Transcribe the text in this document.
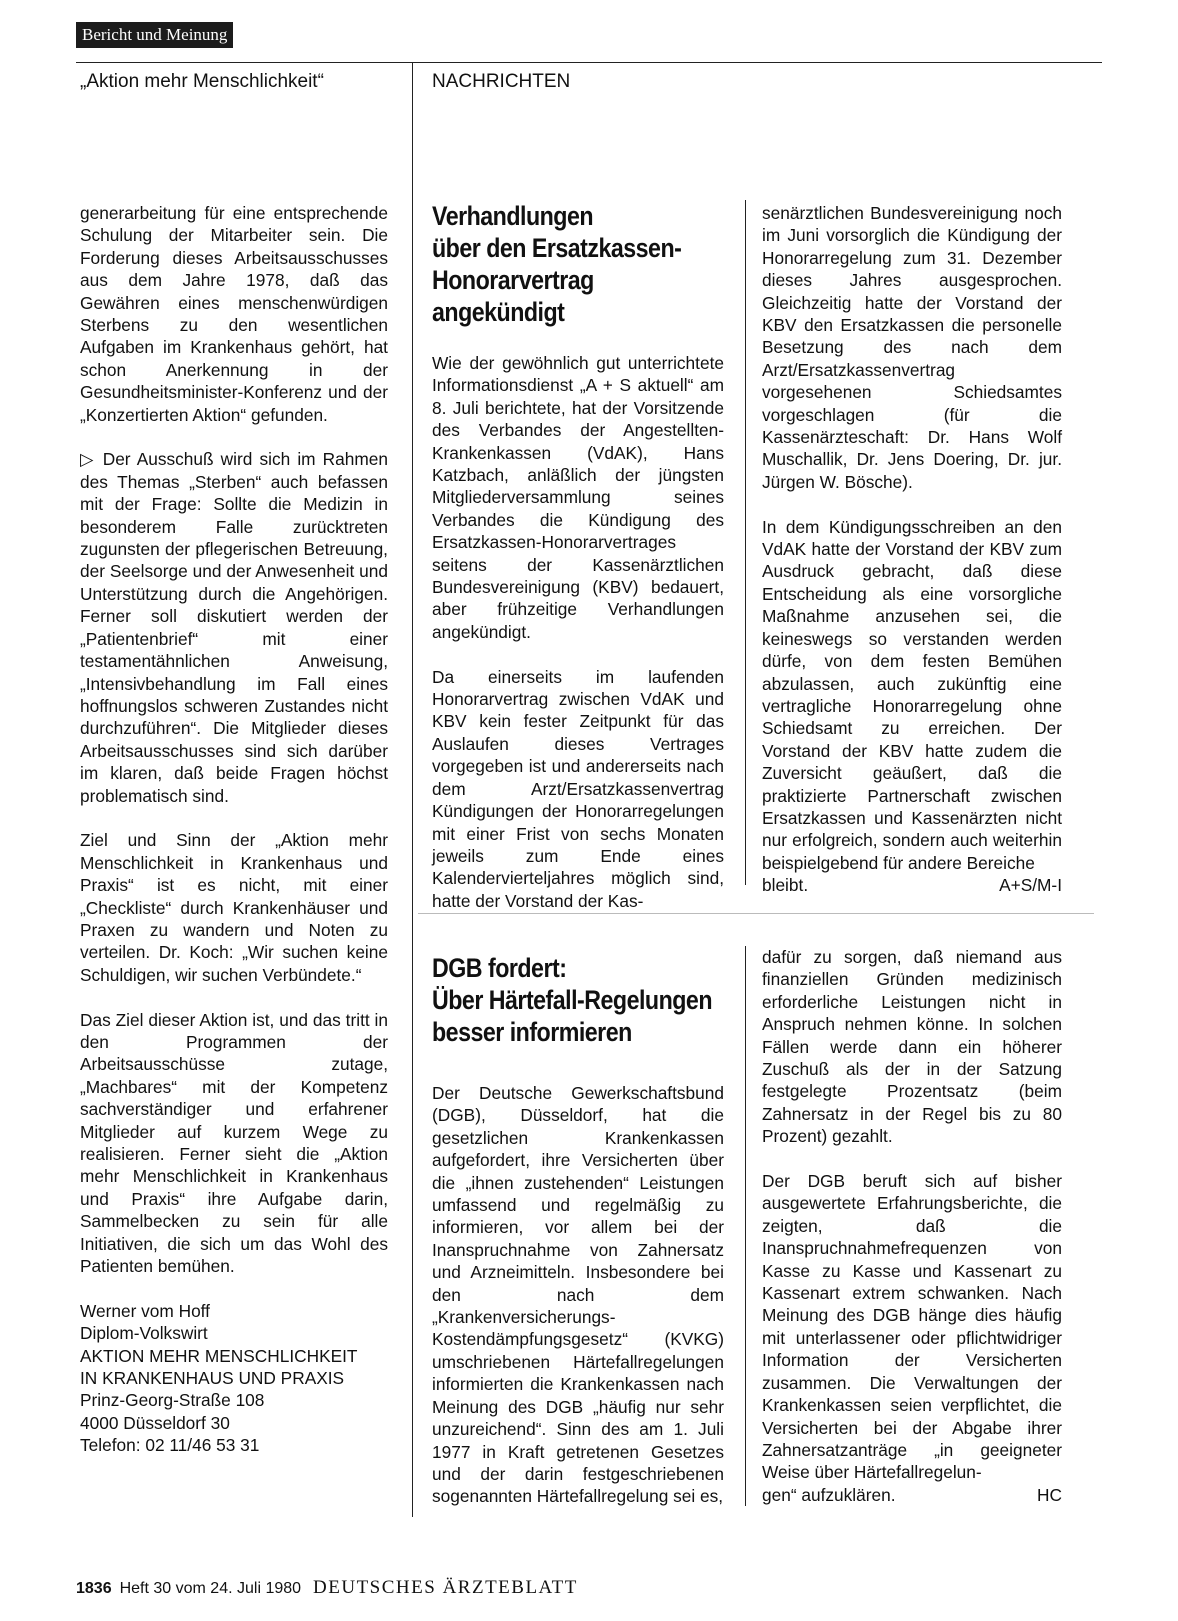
Bericht und Meinung
„Aktion mehr Menschlichkeit“	NACHRICHTEN

generarbeitung für eine entsprechende Schulung der Mitarbeiter sein. Die Forderung dieses Arbeitsausschusses aus dem Jahre 1978, daß das Gewähren eines menschenwürdigen Sterbens zu den wesentlichen Aufgaben im Krankenhaus gehört, hat schon Anerkennung in der Gesundheitsminister-Konferenz und der „Konzertierten Aktion“ gefunden.

▷ Der Ausschuß wird sich im Rahmen des Themas „Sterben“ auch befassen mit der Frage: Sollte die Medizin in besonderem Falle zurücktreten zugunsten der pflegerischen Betreuung, der Seelsorge und der Anwesenheit und Unterstützung durch die Angehörigen. Ferner soll diskutiert werden der „Patientenbrief“ mit einer testamentähnlichen Anweisung, „Intensivbehandlung im Fall eines hoffnungslos schweren Zustandes nicht durchzuführen“. Die Mitglieder dieses Arbeitsausschusses sind sich darüber im klaren, daß beide Fragen höchst problematisch sind.

Ziel und Sinn der „Aktion mehr Menschlichkeit in Krankenhaus und Praxis“ ist es nicht, mit einer „Checkliste“ durch Krankenhäuser und Praxen zu wandern und Noten zu verteilen. Dr. Koch: „Wir suchen keine Schuldigen, wir suchen Verbündete.“

Das Ziel dieser Aktion ist, und das tritt in den Programmen der Arbeitsausschüsse zutage, „Machbares“ mit der Kompetenz sachverständiger und erfahrener Mitglieder auf kurzem Wege zu realisieren. Ferner sieht die „Aktion mehr Menschlichkeit in Krankenhaus und Praxis“ ihre Aufgabe darin, Sammelbecken zu sein für alle Initiativen, die sich um das Wohl des Patienten bemühen.

Werner vom Hoff
Diplom-Volkswirt
AKTION MEHR MENSCHLICHKEIT
IN KRANKENHAUS UND PRAXIS
Prinz-Georg-Straße 108
4000 Düsseldorf 30
Telefon: 02 11/46 53 31

Verhandlungen
über den Ersatzkassen-
Honorarvertrag
angekündigt

Wie der gewöhnlich gut unterrichtete Informationsdienst „A + S aktuell“ am 8. Juli berichtete, hat der Vorsitzende des Verbandes der Angestellten-Krankenkassen (VdAK), Hans Katzbach, anläßlich der jüngsten Mitgliederversammlung seines Verbandes die Kündigung des Ersatzkassen-Honorarvertrages seitens der Kassenärztlichen Bundesvereinigung (KBV) bedauert, aber frühzeitige Verhandlungen angekündigt.

Da einerseits im laufenden Honorarvertrag zwischen VdAK und KBV kein fester Zeitpunkt für das Auslaufen dieses Vertrages vorgegeben ist und andererseits nach dem Arzt/Ersatzkassenvertrag Kündigungen der Honorarregelungen mit einer Frist von sechs Monaten jeweils zum Ende eines Kalendervierteljahres möglich sind, hatte der Vorstand der Kas-

senärztlichen Bundesvereinigung noch im Juni vorsorglich die Kündigung der Honorarregelung zum 31. Dezember dieses Jahres ausgesprochen. Gleichzeitig hatte der Vorstand der KBV den Ersatzkassen die personelle Besetzung des nach dem Arzt/Ersatzkassenvertrag vorgesehenen Schiedsamtes vorgeschlagen (für die Kassenärzteschaft: Dr. Hans Wolf Muschallik, Dr. Jens Doering, Dr. jur. Jürgen W. Bösche).

In dem Kündigungsschreiben an den VdAK hatte der Vorstand der KBV zum Ausdruck gebracht, daß diese Entscheidung als eine vorsorgliche Maßnahme anzusehen sei, die keineswegs so verstanden werden dürfe, von dem festen Bemühen abzulassen, auch zukünftig eine vertragliche Honorarregelung ohne Schiedsamt zu erreichen. Der Vorstand der KBV hatte zudem die Zuversicht geäußert, daß die praktizierte Partnerschaft zwischen Ersatzkassen und Kassenärzten nicht nur erfolgreich, sondern auch weiterhin beispielgebend für andere Bereiche
bleibt.	A+S/M-I

DGB fordert:
Über Härtefall-Regelungen
besser informieren

Der Deutsche Gewerkschaftsbund (DGB), Düsseldorf, hat die gesetzlichen Krankenkassen aufgefordert, ihre Versicherten über die „ihnen zustehenden“ Leistungen umfassend und regelmäßig zu informieren, vor allem bei der Inanspruchnahme von Zahnersatz und Arzneimitteln. Insbesondere bei den nach dem „Krankenversicherungs-Kostendämpfungsgesetz“ (KVKG) umschriebenen Härtefallregelungen informierten die Krankenkassen nach Meinung des DGB „häufig nur sehr unzureichend“. Sinn des am 1. Juli 1977 in Kraft getretenen Gesetzes und der darin festgeschriebenen sogenannten Härtefallregelung sei es,

dafür zu sorgen, daß niemand aus finanziellen Gründen medizinisch erforderliche Leistungen nicht in Anspruch nehmen könne. In solchen Fällen werde dann ein höherer Zuschuß als der in der Satzung festgelegte Prozentsatz (beim Zahnersatz in der Regel bis zu 80 Prozent) gezahlt.

Der DGB beruft sich auf bisher ausgewertete Erfahrungsberichte, die zeigten, daß die Inanspruchnahmefrequenzen von Kasse zu Kasse und Kassenart zu Kassenart extrem schwanken. Nach Meinung des DGB hänge dies häufig mit unterlassener oder pflichtwidriger Information der Versicherten zusammen. Die Verwaltungen der Krankenkassen seien verpflichtet, die Versicherten bei der Abgabe ihrer Zahnersatzanträge „in geeigneter Weise über Härtefallregelun-
gen“ aufzuklären.	HC

1836 Heft 30 vom 24. Juli 1980 DEUTSCHES ÄRZTEBLATT
